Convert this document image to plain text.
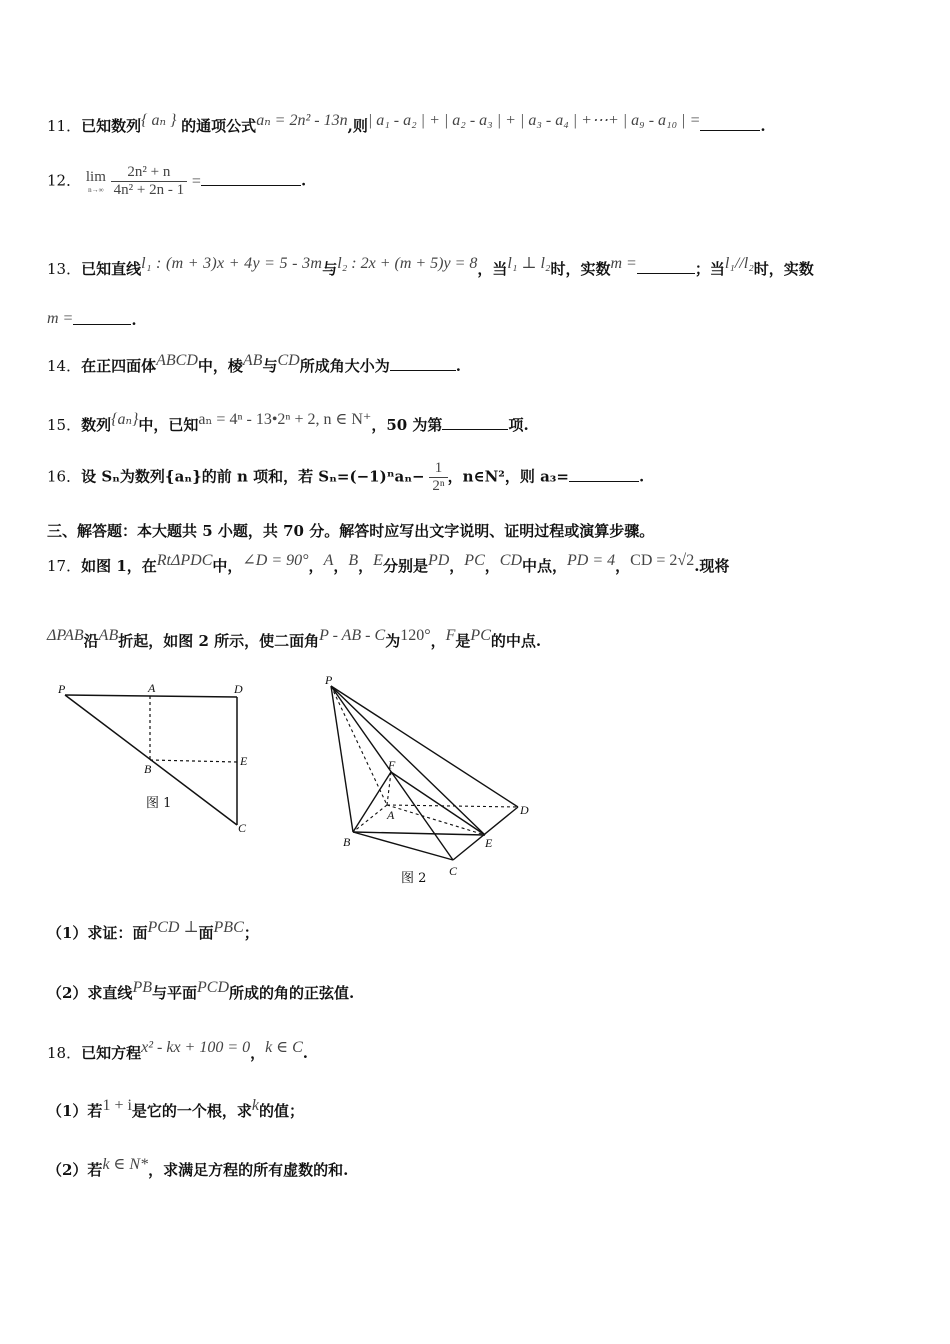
11．已知数列{ aₙ } 的通项公式aₙ = 2n² - 13n,则| a₁ - a₂ | + | a₂ - a₃ | + | a₃ - a₄ | +⋯+ | a₉ - a₁₀ | =	.
12． lim
n→∞
$\frac{\text{2n² + n}}{\text{4n² + 2n - 1}}$ =	.
13．已知直线l₁ : (m + 3)x + 4y = 5 - 3m与l₂ : 2x + (m + 5)y = 8，当l₁ ⊥ l₂时，实数m =	；当l₁//l₂时，实数
m =	.
14．在正四面体ABCD中，棱AB与CD所成角大小为	.
15．数列{aₙ}中，已知aₙ = 4ⁿ - 13•2ⁿ + 2, n ∈ N⁺，50 为第	项.
16．设 Sₙ为数列{aₙ}的前 n 项和，若 $S_n=(-1)^na_n- \frac{1}{\text{2ⁿ}}$ ，n∈N²，则 a₃=	.
三、解答题：本大题共 5 小题，共 70 分。解答时应写出文字说明、证明过程或演算步骤。
17．如图 1，在RtΔPDC中，∠D = 90°，A，B，E分别是PD，PC，CD中点，PD = 4，CD = 2√2.现将
ΔPAB沿AB折起，如图 2 所示，使二面角P - AB - C为120°，F是PC的中点.
P	A	D
B
E
C
图 1
P
F
A	D
B	E
C
图 2
（1）求证：面PCD ⊥面PBC；
（2）求直线PB与平面PCD所成的角的正弦值.
18．已知方程x² - kx + 100 = 0，k ∈ C.
（1）若1 + i是它的一个根，求k的值；
（2）若k ∈ N*，求满足方程的所有虚数的和.
